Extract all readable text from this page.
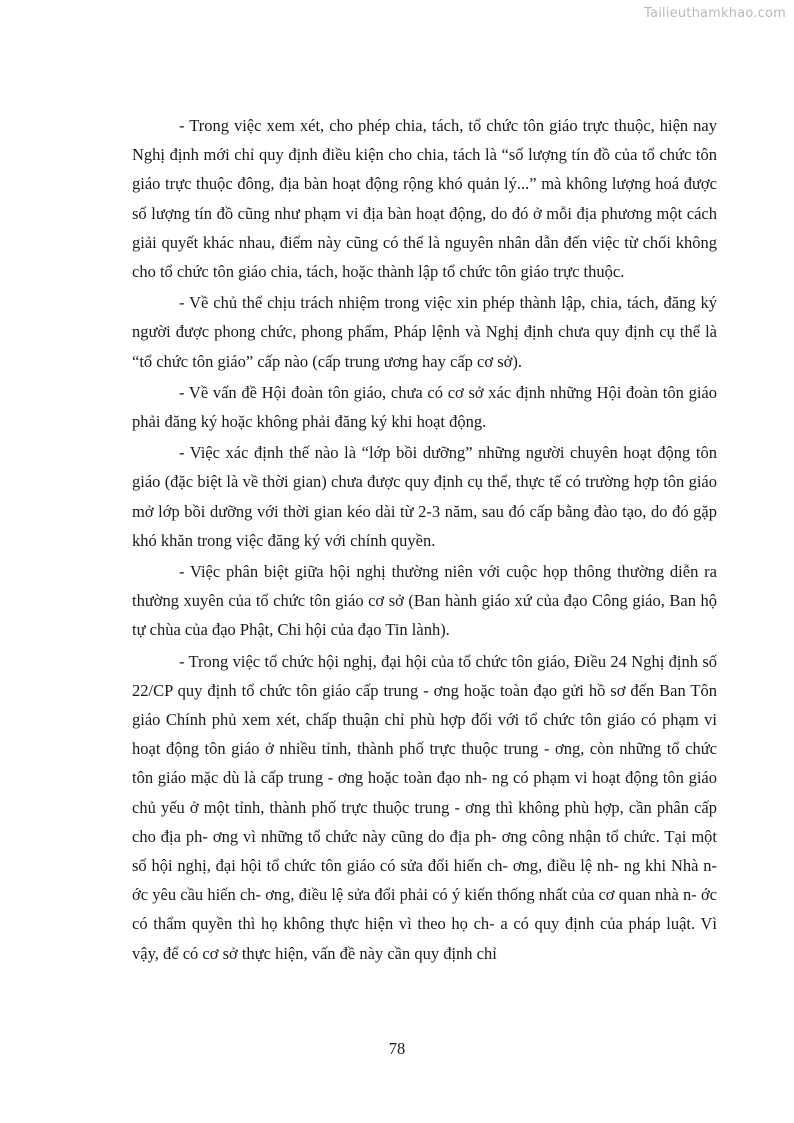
Tailieuthamkhao.com

- Trong việc xem xét, cho phép chia, tách, tổ chức tôn giáo trực thuộc, hiện nay Nghị định mới chỉ quy định điều kiện cho chia, tách là “số lượng tín đồ của tổ chức tôn giáo trực thuộc đông, địa bàn hoạt động rộng khó quản lý...” mà không lượng hoá được số lượng tín đồ cũng như phạm vi địa bàn hoạt động, do đó ở mỗi địa phương một cách giải quyết khác nhau, điểm này cũng có thể là nguyên nhân dẫn đến việc từ chối không cho tổ chức tôn giáo chia, tách, hoặc thành lập tổ chức tôn giáo trực thuộc.

- Về chủ thể chịu trách nhiệm trong việc xin phép thành lập, chia, tách, đăng ký người được phong chức, phong phẩm, Pháp lệnh và Nghị định chưa quy định cụ thể là “tổ chức tôn giáo” cấp nào (cấp trung ương hay cấp cơ sở).

- Về vấn đề Hội đoàn tôn giáo, chưa có cơ sở xác định những Hội đoàn tôn giáo phải đăng ký hoặc không phải đăng ký khi hoạt động.

- Việc xác định thế nào là “lớp bồi dưỡng” những người chuyên hoạt động tôn giáo (đặc biệt là về thời gian) chưa được quy định cụ thể, thực tế có trường hợp tôn giáo mở lớp bồi dưỡng với thời gian kéo dài từ 2-3 năm, sau đó cấp bằng đào tạo, do đó gặp khó khăn trong việc đăng ký với chính quyền.

- Việc phân biệt giữa hội nghị thường niên với cuộc họp thông thường diễn ra thường xuyên của tổ chức tôn giáo cơ sở (Ban hành giáo xứ của đạo Công giáo, Ban hộ tự chùa của đạo Phật, Chi hội của đạo Tin lành).

- Trong việc tổ chức hội nghị, đại hội của tổ chức tôn giáo, Điều 24 Nghị định số 22/CP quy định tổ chức tôn giáo cấp trung - ơng hoặc toàn đạo gửi hồ sơ đến Ban Tôn giáo Chính phủ xem xét, chấp thuận chỉ phù hợp đối với tổ chức tôn giáo có phạm vi hoạt động tôn giáo ở nhiều tỉnh, thành phố trực thuộc trung - ơng, còn những tổ chức tôn giáo mặc dù là cấp trung - ơng hoặc toàn đạo nh- ng có phạm vi hoạt động tôn giáo chủ yếu ở một tỉnh, thành phố trực thuộc trung - ơng thì không phù hợp, cần phân cấp cho địa ph- ơng vì những tổ chức này cũng do địa ph- ơng công nhận tổ chức. Tại một số hội nghị, đại hội tổ chức tôn giáo có sửa đổi hiến ch- ơng, điều lệ nh- ng khi Nhà n- ớc yêu cầu hiến ch- ơng, điều lệ sửa đổi phải có ý kiến thống nhất của cơ quan nhà n- ớc có thẩm quyền thì họ không thực hiện vì theo họ ch- a có quy định của pháp luật. Vì vậy, để có cơ sở thực hiện, vấn đề này cần quy định chỉ

78
